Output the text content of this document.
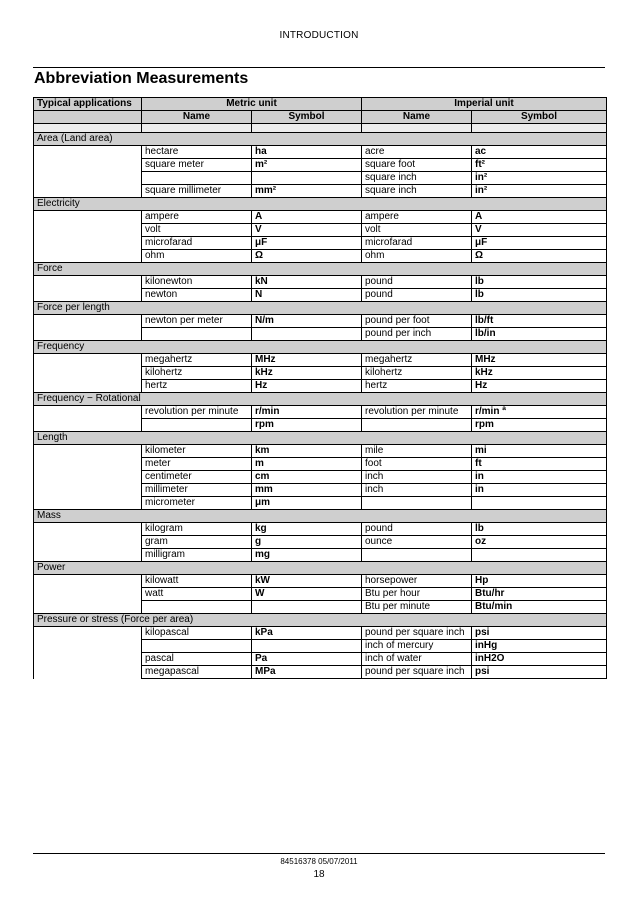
INTRODUCTION
Abbreviation Measurements
Typical applications	Metric unit		Imperial unit	
	Name	Symbol	Name	Symbol

Area (Land area)				
	hectare	ha	acre	ac
	square meter	m²	square foot	ft²
			square inch	in²
	square millimeter	mm²	square inch	in²
Electricity				
	ampere	A	ampere	A
	volt	V	volt	V
	microfarad	μF	microfarad	μF
	ohm	Ω	ohm	Ω
Force				
	kilonewton	kN	pound	lb
	newton	N	pound	lb
Force per length				
	newton per meter	N/m	pound per foot	lb/ft
			pound per inch	lb/in
Frequency				
	megahertz	MHz	megahertz	MHz
	kilohertz	kHz	kilohertz	kHz
	hertz	Hz	hertz	Hz
Frequency − Rotational				
	revolution per minute	r/min	revolution per minute	r/min ª
		rpm		rpm
Length				
	kilometer	km	mile	mi
	meter	m	foot	ft
	centimeter	cm	inch	in
	millimeter	mm	inch	in
	micrometer	μm		
Mass				
	kilogram	kg	pound	lb
	gram	g	ounce	oz
	milligram	mg		
Power				
	kilowatt	kW	horsepower	Hp
	watt	W	Btu per hour	Btu/hr
			Btu per minute	Btu/min
Pressure or stress (Force per area)				
	kilopascal	kPa	pound per square inch	psi
			inch of mercury	inHg
	pascal	Pa	inch of water	inH2O
	megapascal	MPa	pound per square inch	psi
84516378 05/07/2011
18
